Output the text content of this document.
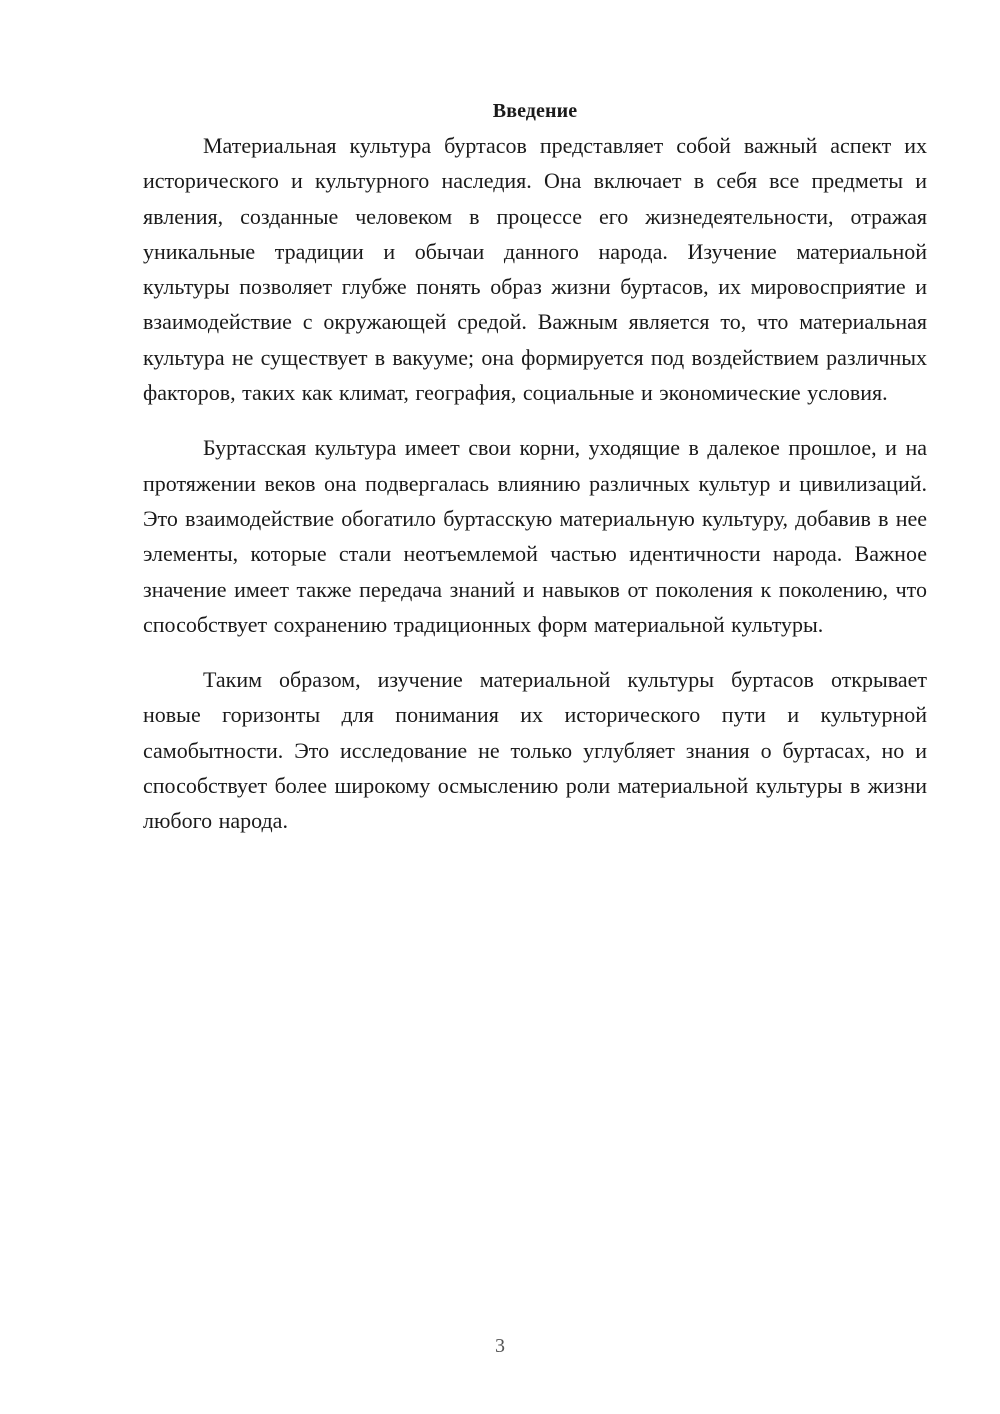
Введение

Материальная культура буртасов представляет собой важный аспект их исторического и культурного наследия. Она включает в себя все предметы и явления, созданные человеком в процессе его жизнедеятельности, отражая уникальные традиции и обычаи данного народа. Изучение материальной культуры позволяет глубже понять образ жизни буртасов, их мировосприятие и взаимодействие с окружающей средой. Важным является то, что материальная культура не существует в вакууме; она формируется под воздействием различных факторов, таких как климат, география, социальные и экономические условия.

Буртасская культура имеет свои корни, уходящие в далекое прошлое, и на протяжении веков она подвергалась влиянию различных культур и цивилизаций. Это взаимодействие обогатило буртасскую материальную культуру, добавив в нее элементы, которые стали неотъемлемой частью идентичности народа. Важное значение имеет также передача знаний и навыков от поколения к поколению, что способствует сохранению традиционных форм материальной культуры.

Таким образом, изучение материальной культуры буртасов открывает новые горизонты для понимания их исторического пути и культурной самобытности. Это исследование не только углубляет знания о буртасах, но и способствует более широкому осмыслению роли материальной культуры в жизни любого народа.

3
